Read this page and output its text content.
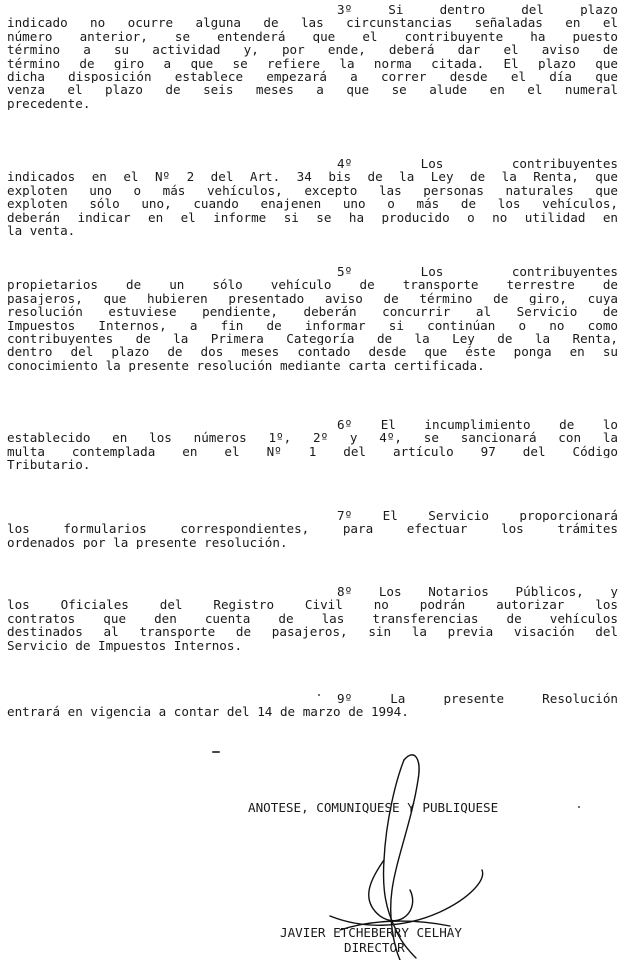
3º Si dentro del plazo
indicado no ocurre alguna de las circunstancias señaladas en el
número anterior, se entenderá que el contribuyente ha puesto
término a su actividad y, por ende, deberá dar el aviso de
término de giro a que se refiere la norma citada. El plazo que
dicha disposición establece empezará a correr desde el día que
venza el plazo de seis meses a que se alude en el numeral
precedente.
4º Los contribuyentes
indicados en el Nº 2 del Art. 34 bis de la Ley de la Renta, que
exploten uno o más vehículos, excepto las personas naturales que
exploten sólo uno, cuando enajenen uno o más de los vehículos,
deberán indicar en el informe si se ha producido o no utilidad en
la venta.
5º Los contribuyentes
propietarios de un sólo vehículo de transporte terrestre de
pasajeros, que hubieren presentado aviso de término de giro, cuya
resolución estuviese pendiente, deberán concurrir al Servicio de
Impuestos Internos, a fin de informar si continúan o no como
contribuyentes de la Primera Categoría de la Ley de la Renta,
dentro del plazo de dos meses contado desde que éste ponga en su
conocimiento la presente resolución mediante carta certificada.
6º El incumplimiento de lo
establecido en los números 1º, 2º y 4º, se sancionará con la
multa contemplada en el Nº 1 del artículo 97 del Código
Tributario.
7º El Servicio proporcionará
los formularios correspondientes, para efectuar los trámites
ordenados por la presente resolución.
8º Los Notarios Públicos, y
los Oficiales del Registro Civil no podrán autorizar los
contratos que den cuenta de las transferencias de vehículos
destinados al transporte de pasajeros, sin la previa visación del
Servicio de Impuestos Internos.
9º La presente Resolución
entrará en vigencia a contar del 14 de marzo de 1994.
ANOTESE, COMUNIQUESE Y PUBLIQUESE
JAVIER ETCHEBERRY CELHAY
DIRECTOR
